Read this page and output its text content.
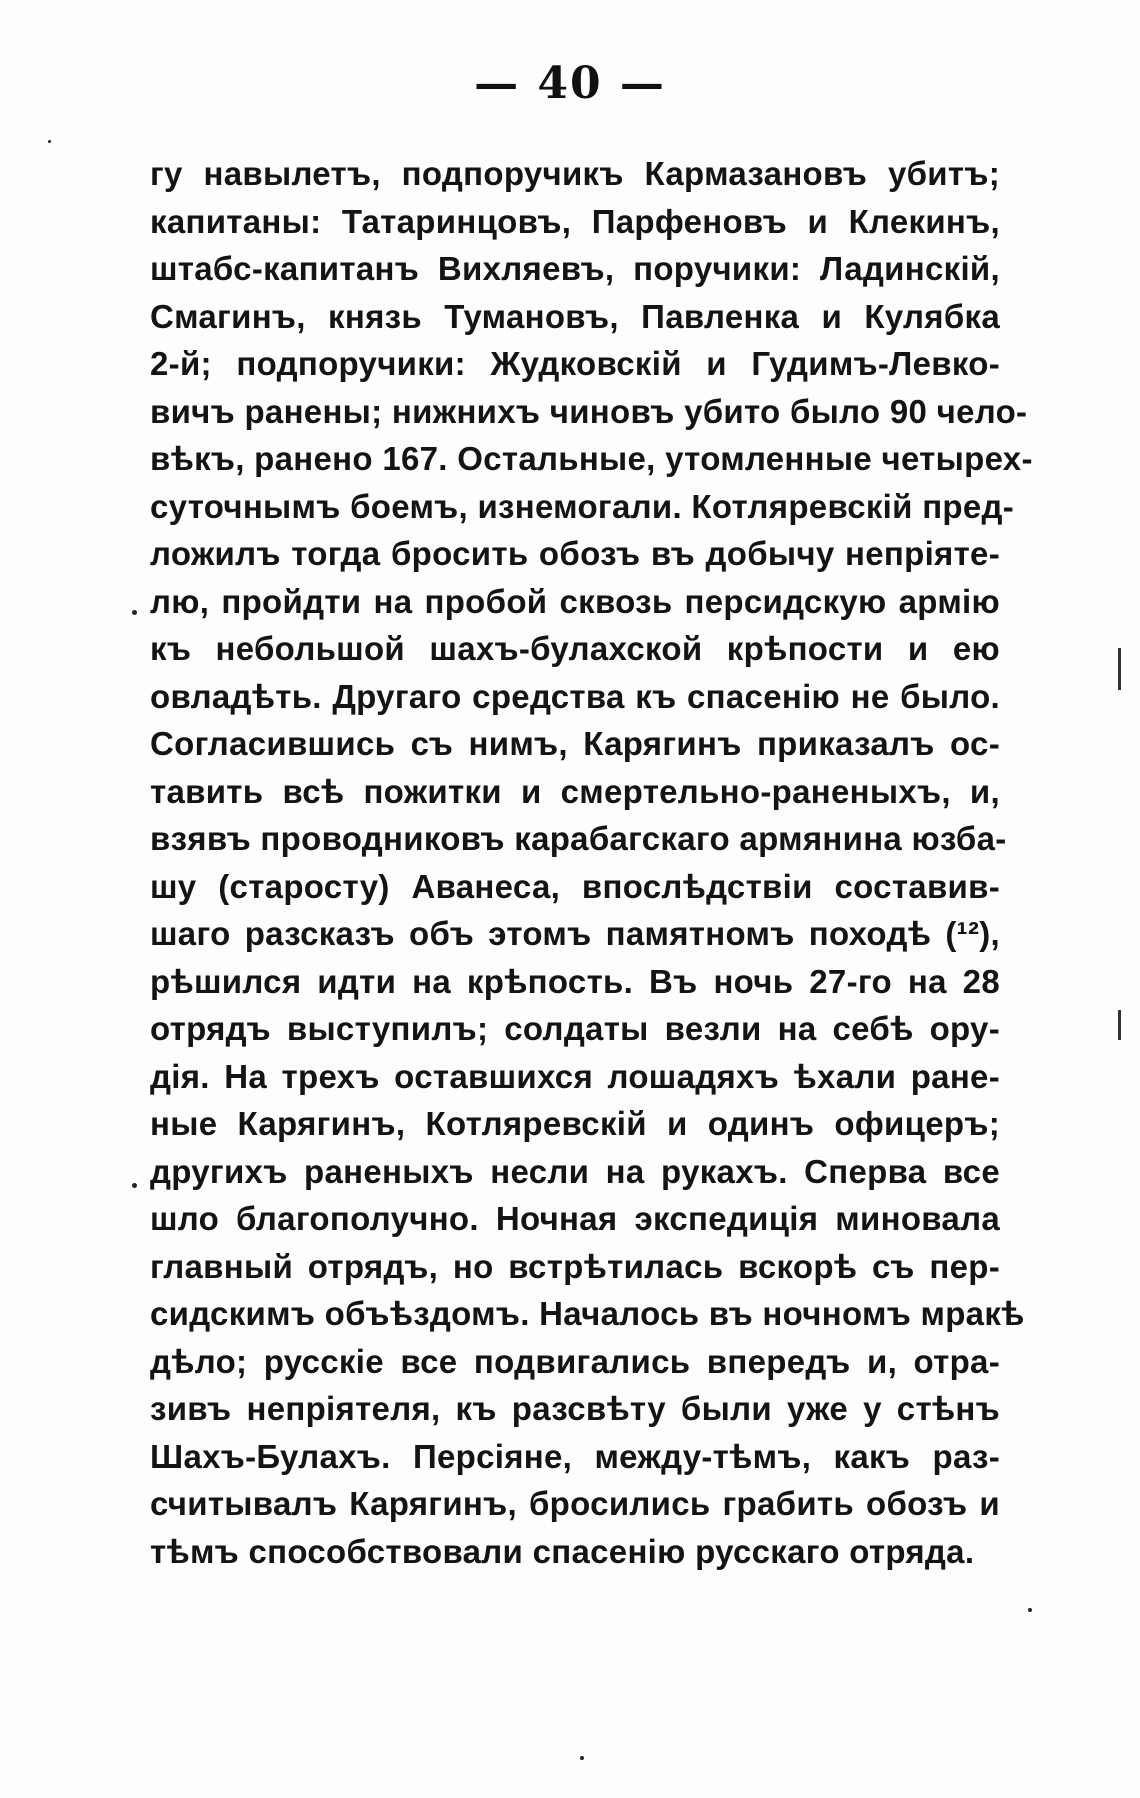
— 40 —
гу навылетъ, подпоручикъ Кармазановъ убитъ;
капитаны: Татаринцовъ, Парфеновъ и Клекинъ,
штабс-капитанъ Вихляевъ, поручики: Ладинскій,
Смагинъ, князь Тумановъ, Павленка и Кулябка
2-й; подпоручики: Жудковскій и Гудимъ-Левко-
вичъ ранены; нижнихъ чиновъ убито было 90 чело-
вѣкъ, ранено 167. Остальные, утомленные четырех-
суточнымъ боемъ, изнемогали. Котляревскій пред-
ложилъ тогда бросить обозъ въ добычу непріяте-
лю, пройдти на пробой сквозь персидскую армію
къ небольшой шахъ-булахской крѣпости и ею
овладѣть. Другаго средства къ спасенію не было.
Согласившись съ нимъ, Карягинъ приказалъ ос-
тавить всѣ пожитки и смертельно-раненыхъ, и,
взявъ проводниковъ карабагскаго армянина юзба-
шу (старосту) Аванеса, впослѣдствіи составив-
шаго разсказъ объ этомъ памятномъ походѣ (¹²),
рѣшился идти на крѣпость. Въ ночь 27-го на 28
отрядъ выступилъ; солдаты везли на себѣ ору-
дія. На трехъ оставшихся лошадяхъ ѣхали ране-
ные Карягинъ, Котляревскій и одинъ офицеръ;
другихъ раненыхъ несли на рукахъ. Сперва все
шло благополучно. Ночная экспедиція миновала
главный отрядъ, но встрѣтилась вскорѣ съ пер-
сидскимъ объѣздомъ. Началось въ ночномъ мракѣ
дѣло; русскіе все подвигались впередъ и, отра-
зивъ непріятеля, къ разсвѣту были уже у стѣнъ
Шахъ-Булахъ. Персіяне, между-тѣмъ, какъ раз-
считывалъ Карягинъ, бросились грабить обозъ и
тѣмъ способствовали спасенію русскаго отряда.
